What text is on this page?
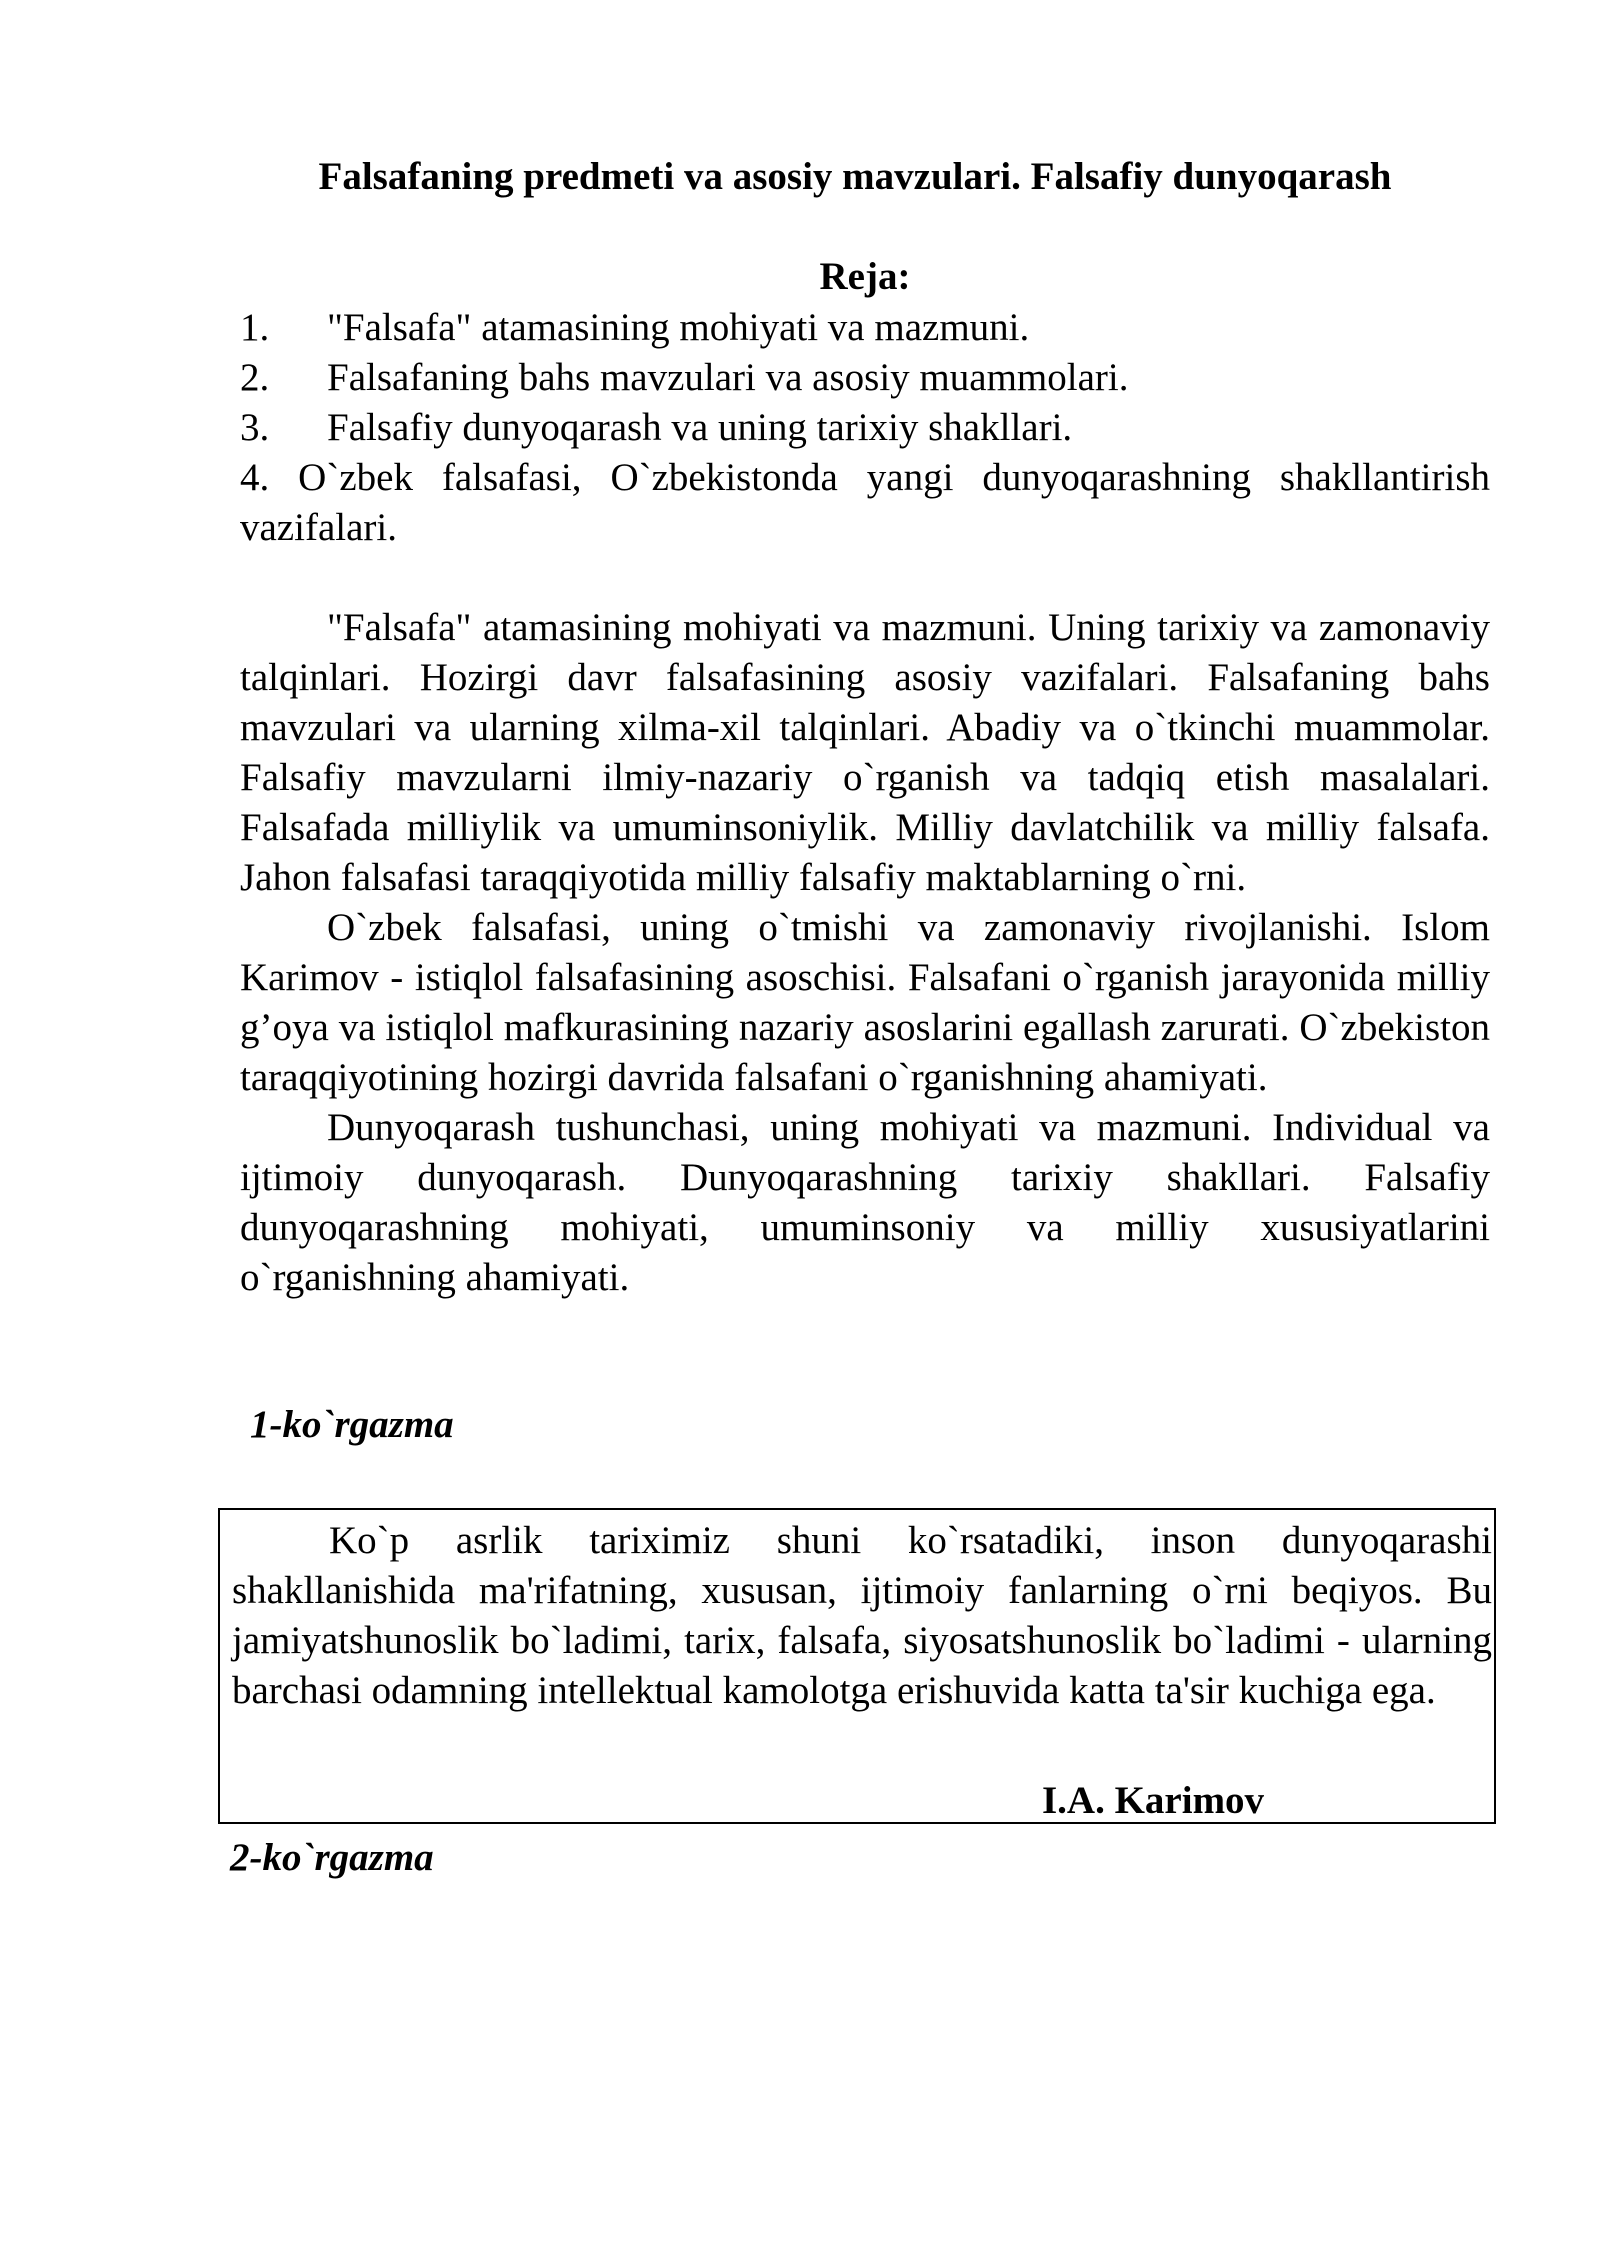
Falsafaning predmeti va asosiy mavzulari. Falsafiy dunyoqarash
Reja:
1.	"Falsafa" atamasining mohiyati va mazmuni.
2.	Falsafaning bahs mavzulari va asosiy muammolari.
3.	Falsafiy dunyoqarash va uning tarixiy shakllari.
4. O`zbek falsafasi, O`zbekistonda yangi dunyoqarashning shakllantirish vazifalari.

"Falsafa" atamasining mohiyati va mazmuni. Uning tarixiy va zamonaviy talqinlari. Hozirgi davr falsafasining asosiy vazifalari. Falsafaning bahs mavzulari va ularning xilma-xil talqinlari. Abadiy va o`tkinchi muammolar. Falsafiy mavzularni ilmiy-nazariy o`rganish va tadqiq etish masalalari. Falsafada milliylik va umuminsoniylik. Milliy davlatchilik va milliy falsafa. Jahon falsafasi taraqqiyotida milliy falsafiy maktablarning o`rni.

O`zbek falsafasi, uning o`tmishi va zamonaviy rivojlanishi. Islom Karimov - istiqlol falsafasining asoschisi. Falsafani o`rganish jarayonida milliy g’oya va istiqlol mafkurasining nazariy asoslarini egallash zarurati. O`zbekiston taraqqiyotining hozirgi davrida falsafani o`rganishning ahamiyati.

Dunyoqarash tushunchasi, uning mohiyati va mazmuni. Individual va ijtimoiy dunyoqarash. Dunyoqarashning tarixiy shakllari. Falsafiy dunyoqarashning mohiyati, umuminsoniy va milliy xususiyatlarini o`rganishning ahamiyati.

1-ko`rgazma

Ko`p asrlik tariximiz shuni ko`rsatadiki, inson dunyoqarashi shakllanishida ma'rifatning, xususan, ijtimoiy fanlarning o`rni beqiyos. Bu jamiyatshunoslik bo`ladimi, tarix, falsafa, siyosatshunoslik bo`ladimi - ularning barchasi odamning intellektual kamolotga erishuvida katta ta'sir kuchiga ega.

I.A. Karimov
2-ko`rgazma
